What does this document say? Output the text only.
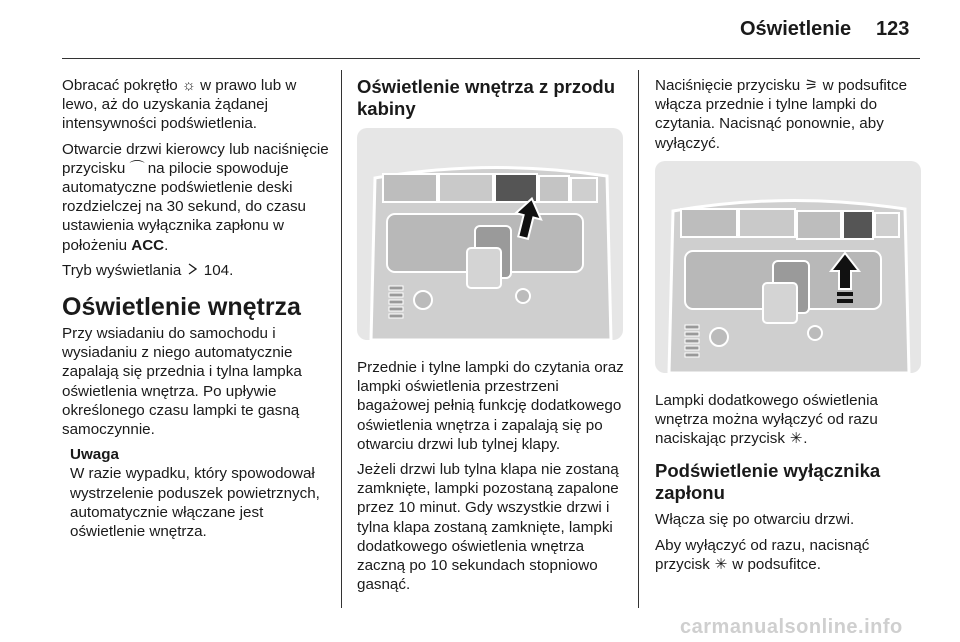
Oświetlenie 123

Obracać pokrętło ☼ w prawo lub w lewo, aż do uzyskania żądanej intensywności podświetlenia.

Otwarcie drzwi kierowcy lub naciśnięcie przycisku ⌒ na pilocie spowoduje automatyczne podświetlenie deski rozdzielczej na 30 sekund, do czasu ustawienia wyłącznika zapłonu w położeniu ACC.

Tryb wyświetlania  104.

Oświetlenie wnętrza

Przy wsiadaniu do samochodu i wysiadaniu z niego automatycznie zapalają się przednia i tylna lampka oświetlenia wnętrza. Po upływie określonego czasu lampki te gasną samoczynnie.

Uwaga
W razie wypadku, który spowodował wystrzelenie poduszek powietrznych, automatycznie włączane jest oświetlenie wnętrza.
Oświetlenie wnętrza z przodu kabiny

Przednie i tylne lampki do czytania oraz lampki oświetlenia przestrzeni bagażowej pełnią funkcję dodatkowego oświetlenia wnętrza i zapalają się po otwarciu drzwi lub tylnej klapy.

Jeżeli drzwi lub tylna klapa nie zostaną zamknięte, lampki pozostaną zapalone przez 10 minut. Gdy wszystkie drzwi i tylna klapa zostaną zamknięte, lampki dodatkowego oświetlenia wnętrza zaczną po 10 sekundach stopniowo gasnąć.

Naciśnięcie przycisku ⚞ w podsufitce włącza przednie i tylne lampki do czytania. Nacisnąć ponownie, aby wyłączyć.

Lampki dodatkowego oświetlenia wnętrza można wyłączyć od razu naciskając przycisk ✳.

Podświetlenie wyłącznika zapłonu

Włącza się po otwarciu drzwi.

Aby wyłączyć od razu, nacisnąć przycisk ✳ w podsufitce.

carmanualsonline.info
